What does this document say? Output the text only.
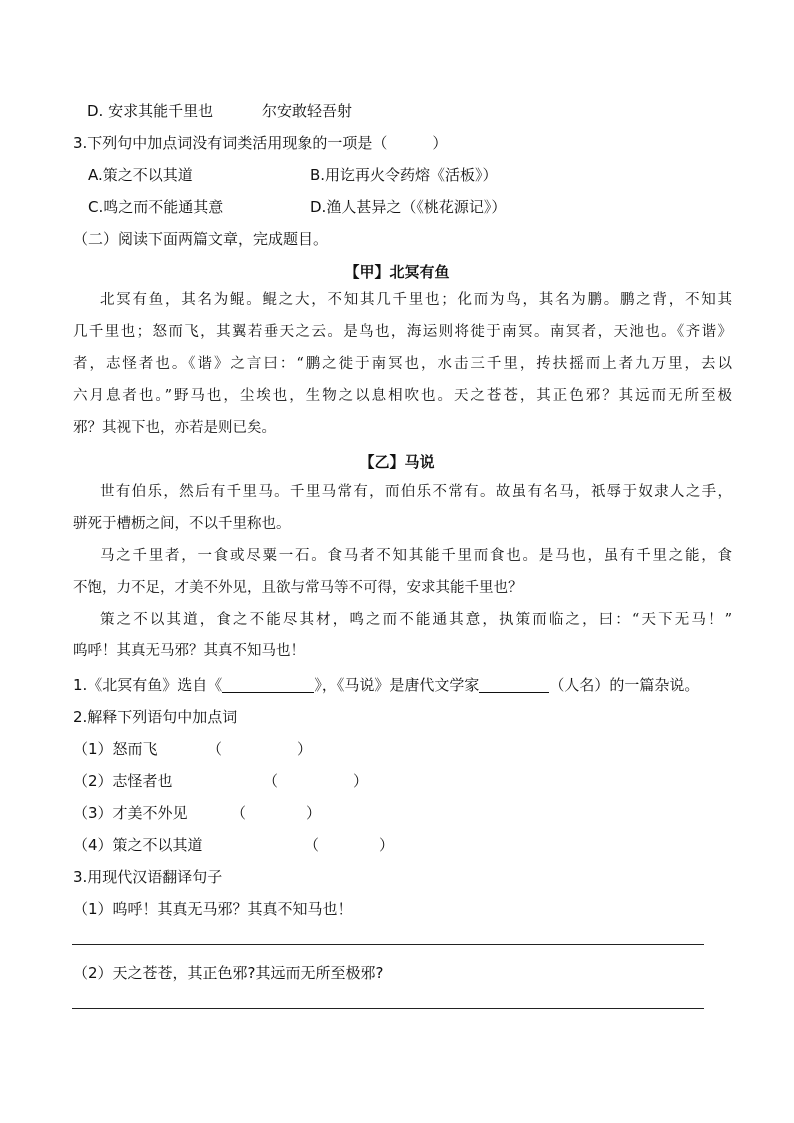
D. 安求其能千里也	尔安敢轻吾射
3.下列句中加点词没有词类活用现象的一项是（　　　）
A.策之不以其道	B.用讫再火令药熔《活板》）
C.鸣之而不能通其意	D.渔人甚异之（《桃花源记》）
（二）阅读下面两篇文章，完成题目。
【甲】北冥有鱼
北冥有鱼，其名为鲲。鲲之大，不知其几千里也；化而为鸟，其名为鹏。鹏之背，不知其
几千里也；怒而飞，其翼若垂天之云。是鸟也，海运则将徙于南冥。南冥者，天池也。《齐谐》
者，志怪者也。《谐》之言曰：“鹏之徙于南冥也，水击三千里，抟扶摇而上者九万里，去以
六月息者也。”野马也，尘埃也，生物之以息相吹也。天之苍苍，其正色邪？其远而无所至极
邪？其视下也，亦若是则已矣。
【乙】马说
世有伯乐，然后有千里马。千里马常有，而伯乐不常有。故虽有名马，祇辱于奴隶人之手，
骈死于槽枥之间，不以千里称也。
马之千里者，一食或尽粟一石。食马者不知其能千里而食也。是马也，虽有千里之能，食
不饱，力不足，才美不外见，且欲与常马等不可得，安求其能千里也？
策之不以其道，食之不能尽其材，鸣之而不能通其意，执策而临之，曰：“天下无马！”
呜呼！其真无马邪？其真不知马也！
1.《北冥有鱼》选自《	》，《马说》是唐代文学家	（人名）的一篇杂说。
2.解释下列语句中加点词
（1）怒而飞	（　　　　　）
（2）志怪者也	（　　　　　）
（3）才美不外见	（　　　　）
（4）策之不以其道	（　　　　）
3.用现代汉语翻译句子
（1）呜呼！其真无马邪？其真不知马也！
（2）天之苍苍，其正色邪?其远而无所至极邪?
